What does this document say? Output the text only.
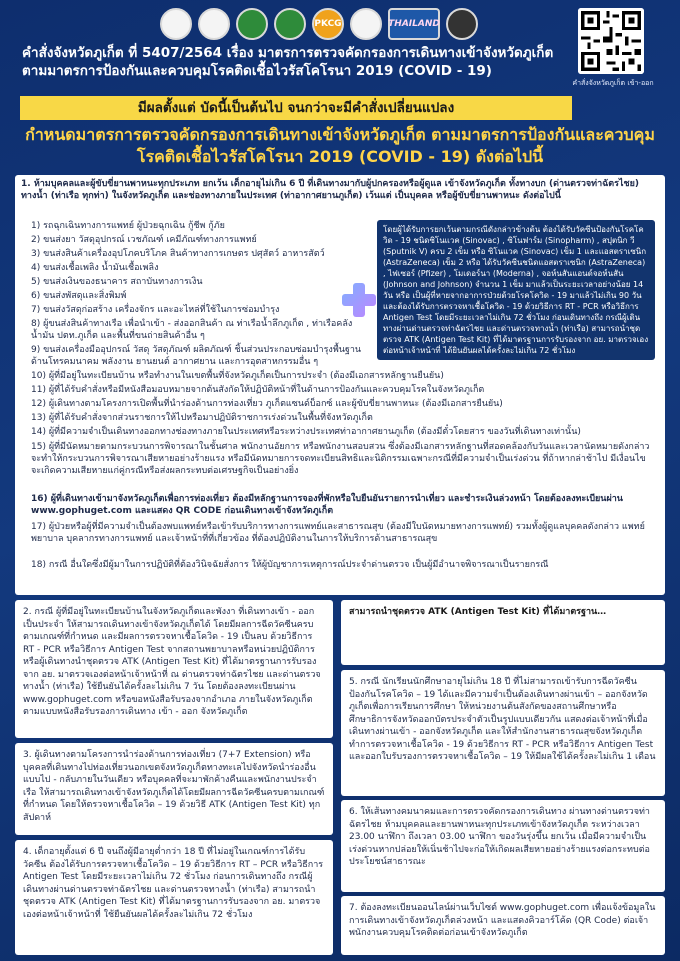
PKCG	THAILAND
คำสั่งจังหวัดภูเก็ต เข้า-ออก
คำสั่งจังหวัดภูเก็ต ที่ 5407/2564 เรื่อง มาตรการตรวจคัดกรองการเดินทางเข้าจังหวัดภูเก็ต ตามมาตรการป้องกันและควบคุมโรคติดเชื้อไวรัสโคโรนา 2019 (COVID - 19)
มีผลตั้งแต่ บัดนี้เป็นต้นไป จนกว่าจะมีคำสั่งเปลี่ยนแปลง
กำหนดมาตรการตรวจคัดกรองการเดินทางเข้าจังหวัดภูเก็ต ตามมาตรการป้องกันและควบคุมโรคติดเชื้อไวรัสโคโรนา 2019 (COVID - 19) ดังต่อไปนี้
1. ห้ามบุคคลและผู้ขับขี่ยานพาหนะทุกประเภท ยกเว้น เด็กอายุไม่เกิน 6 ปี ที่เดินทางมากับผู้ปกครองหรือผู้ดูแล เข้าจังหวัดภูเก็ต ทั้งทางบก (ด่านตรวจท่าฉัตรไชย) ทางน้ำ (ท่าเรือ ทุกท่า) ในจังหวัดภูเก็ต และช่องทางภายในประเทศ (ท่าอากาศยานภูเก็ต) เว้นแต่ เป็นบุคคล หรือผู้ขับขี่ยานพาหนะ ดังต่อไปนี้
1) รถฉุกเฉินทางการแพทย์ ผู้ป่วยฉุกเฉิน กู้ชีพ กู้ภัย
2) ขนส่งยา วัสดุอุปกรณ์ เวชภัณฑ์ เคมีภัณฑ์ทางการแพทย์
3) ขนส่งสินค้าเครื่องอุปโภคบริโภค สินค้าทางการเกษตร ปศุสัตว์ อาหารสัตว์
4) ขนส่งเชื้อเพลิง น้ำมันเชื้อเพลิง
5) ขนส่งเงินของธนาคาร สถาบันทางการเงิน
6) ขนส่งพัสดุและสิ่งพิมพ์
7) ขนส่งวัสดุก่อสร้าง เครื่องจักร และอะไหล่ที่ใช้ในการซ่อมบำรุง
8) ผู้ขนส่งสินค้าทางเรือ เพื่อนำเข้า - ส่งออกสินค้า ณ ท่าเรือน้ำลึกภูเก็ต , ท่าเรือคลังน้ำมัน ปตท.ภูเก็ต และพื้นที่ขนถ่ายสินค้าอื่น ๆ
9) ขนส่งเครื่องมืออุปกรณ์ วัสดุ วัสดุภัณฑ์ ผลิตภัณฑ์ ชิ้นส่วนประกอบซ่อมบำรุงพื้นฐานด้านโทรคมนาคม พลังงาน ยานยนต์ อากาศยาน และการอุตสาหกรรมอื่น ๆ
โดยผู้ได้รับการยกเว้นตามกรณีดังกล่าวข้างต้น ต้องได้รับวัคซีนป้องกันโรคโควิด - 19 ชนิดซิโนแวค (Sinovac) , ซิโนฟาร์ม (Sinopharm) , สปุตนิก วี (Sputnik V) ครบ 2 เข็ม หรือ ซิโนแวค (Sinovac) เข็ม 1 และแอสตราเซนิก (AstraZeneca) เข็ม 2 หรือ ได้รับวัคซีนชนิดแอสตราเซนิก (AstraZeneca) , ไฟเซอร์ (Pfizer) , โมเดอร์นา (Moderna) , จอห์นสันแอนด์จอห์นสัน (Johnson and Johnson) จำนวน 1 เข็ม มาแล้วเป็นระยะเวลาอย่างน้อย 14 วัน หรือ เป็นผู้ที่หายจากอาการป่วยด้วยโรคโควิด - 19 มาแล้วไม่เกิน 90 วัน และต้องได้รับการตรวจหาเชื้อโควิด - 19 ด้วยวิธีการ RT - PCR หรือวิธีการ Antigen Test โดยมีระยะเวลาไม่เกิน 72 ชั่วโมง ก่อนเดินทางถึง กรณีผู้เดินทางผ่านด่านตรวจท่าฉัตรไชย และด่านตรวจทางน้ำ (ท่าเรือ) สามารถนำชุดตรวจ ATK (Antigen Test Kit) ที่ได้มาตรฐานการรับรองจาก อย. มาตรวจเองต่อหน้าเจ้าหน้าที่ ได้ยินยันผลได้ครั้งละไม่เกิน 72 ชั่วโมง
10) ผู้ที่มีอยู่ในทะเบียนบ้าน หรือทำงานในเขตพื้นที่จังหวัดภูเก็ตเป็นการประจำ (ต้องมีเอกสารหลักฐานยืนยัน)
11) ผู้ที่ได้รับคำสั่งหรือมีหนังสือมอบหมายจากต้นสังกัดให้ปฏิบัติหน้าที่ในด้านการป้องกันและควบคุมโรคในจังหวัดภูเก็ต
12) ผู้เดินทางตามโครงการเปิดพื้นที่นำร่องด้านการท่องเที่ยว ภูเก็ตแซนด์บ็อกซ์ และผู้ขับขี่ยานพาหนะ (ต้องมีเอกสารยืนยัน)
13) ผู้ที่ได้รับคำสั่งจากส่วนราชการให้ไปหรือมาปฏิบัติราชการเร่งด่วนในพื้นที่จังหวัดภูเก็ต
14) ผู้ที่มีความจำเป็นเดินทางออกทางช่องทางภายในประเทศหรือระหว่างประเทศท่าอากาศยานภูเก็ต (ต้องมีตั๋วโดยสาร ของวันที่เดินทางเท่านั้น)
15) ผู้ที่มีนัดหมายตามกระบวนการพิจารณาในชั้นศาล พนักงานอัยการ หรือพนักงานสอบสวน ซึ่งต้องมีเอกสารหลักฐานที่สอดคล้องกับวันและเวลานัดหมายดังกล่าวจะทำให้กระบวนการพิจารณาเสียหายอย่างร้ายแรง หรือมีนัดหมายการจดทะเบียนสิทธิและนิติกรรมเฉพาะกรณีที่มีความจำเป็นเร่งด่วน ที่ถ้าหากล่าช้าไป มีเงื่อนไขจะเกิดความเสียหายแก่คู่กรณีหรือส่งผลกระทบต่อเศรษฐกิจเป็นอย่างยิ่ง
16) ผู้ที่เดินทางเข้ามาจังหวัดภูเก็ตเพื่อการท่องเที่ยว ต้องมีหลักฐานการจองที่พักหรือใบยืนยันรายการนำเที่ยว และชำระเงินล่วงหน้า โดยต้องลงทะเบียนผ่าน www.gophuget.com และแสดง QR CODE ก่อนเดินทางเข้าจังหวัดภูเก็ต
17) ผู้ป่วยหรือผู้ที่มีความจำเป็นต้องพบแพทย์หรือเข้ารับบริการทางการแพทย์และสาธารณสุข (ต้องมีใบนัดหมายทางการแพทย์) รวมทั้งผู้ดูแลบุคคลดังกล่าว แพทย์ พยาบาล บุคลากรทางการแพทย์ และเจ้าหน้าที่ที่เกี่ยวข้อง ที่ต้องปฏิบัติงานในการให้บริการด้านสาธารณสุข
18) กรณี อื่นใดซึ่งมีผู้มาในการปฏิบัติที่ต้องวินิจฉัยสั่งการ ให้ผู้บัญชาการเหตุการณ์ประจำด่านตรวจ เป็นผู้มีอำนาจพิจารณาเป็นรายกรณี
2. กรณี ผู้ที่มีอยู่ในทะเบียนบ้านในจังหวัดภูเก็ตและพังงา ที่เดินทางเข้า - ออก เป็นประจำ ให้สามารถเดินทางเข้าจังหวัดภูเก็ตได้ โดยมีผลการฉีดวัคซีนครบตามเกณฑ์ที่กำหนด และมีผลการตรวจหาเชื้อโควิด - 19 เป็นลบ ด้วยวิธีการ RT - PCR หรือวิธีการ Antigen Test จากสถานพยาบาลหรือหน่วยปฏิบัติการ หรือผู้เดินทางนำชุดตรวจ ATK (Antigen Test Kit) ที่ได้มาตรฐานการรับรองจาก อย. มาตรวจเองต่อหน้าเจ้าหน้าที่ ณ ด่านตรวจท่าฉัตรไชย และด่านตรวจทางน้ำ (ท่าเรือ) ใช้ยืนยันได้ครั้งละไม่เกิน 7 วัน โดยต้องลงทะเบียนผ่าน www.gophuget.com หรือขอหนังสือรับรองจากอำเภอ ภายในจังหวัดภูเก็ต ตามแบบหนังสือรับรองการเดินทาง เข้า - ออก จังหวัดภูเก็ต
3. ผู้เดินทางตามโครงการนำร่องด้านการท่องเที่ยว (7+7 Extension) หรือบุคคลที่เดินทางไปท่องเที่ยวนอกเขตจังหวัดภูเก็ตทางทะเลไปจังหวัดนำร่องอื่น แบบไป - กลับภายในวันเดียว หรือบุคคลที่จะมาพักค้างคืนและพนักงานประจำเรือ ให้สามารถเดินทางเข้าจังหวัดภูเก็ตได้โดยมีผลการฉีดวัคซีนครบตามเกณฑ์ที่กำหนด โดยให้ตรวจหาเชื้อโควิด – 19 ด้วยวิธี ATK (Antigen Test Kit) ทุกสัปดาห์
4. เด็กอายุตั้งแต่ 6 ปี จนถึงผู้มีอายุต่ำกว่า 18 ปี ที่ไม่อยู่ในเกณฑ์การได้รับวัคซีน ต้องได้รับการตรวจหาเชื้อโควิด – 19 ด้วยวิธีการ RT – PCR หรือวิธีการ Antigen Test โดยมีระยะเวลาไม่เกิน 72 ชั่วโมง ก่อนการเดินทางถึง กรณีผู้เดินทางผ่านด่านตรวจท่าฉัตรไชย และด่านตรวจทางน้ำ (ท่าเรือ) สามารถนำชุดตรวจ ATK (Antigen Test Kit) ที่ได้มาตรฐานการรับรองจาก อย. มาตรวจเองต่อหน้าเจ้าหน้าที่ ใช้ยืนยันผลได้ครั้งละไม่เกิน 72 ชั่วโมง
สามารถนำชุดตรวจ ATK (Antigen Test Kit) ที่ได้มาตรฐาน…
5. กรณี นักเรียนนักศึกษาอายุไม่เกิน 18 ปี ที่ไม่สามารถเข้ารับการฉีดวัคซีนป้องกันโรคโควิด – 19 ได้และมีความจำเป็นต้องเดินทางผ่านเข้า – ออกจังหวัดภูเก็ตเพื่อการเรียนการศึกษา ให้หน่วยงานต้นสังกัดของสถานศึกษาหรือศึกษาธิการจังหวัดออกบัตรประจำตัวเป็นรูปแบบเดียวกัน แสดงต่อเจ้าหน้าที่เมื่อเดินทางผ่านเข้า - ออกจังหวัดภูเก็ต และให้สำนักงานสาธารณสุขจังหวัดภูเก็ตทำการตรวจหาเชื้อโควิด - 19 ด้วยวิธีการ RT - PCR หรือวิธีการ Antigen Test และออกใบรับรองการตรวจหาเชื้อโควิด – 19 ให้มีผลใช้ได้ครั้งละไม่เกิน 1 เดือน
6. ให้เส้นทางคมนาคมและการตรวจคัดกรองการเดินทาง ผ่านทางด่านตรวจท่าฉัตรไชย ห้ามบุคคลและยานพาหนะทุกประเภทเข้าจังหวัดภูเก็ต ระหว่างเวลา 23.00 นาฬิกา ถึงเวลา 03.00 นาฬิกา ของวันรุ่งขึ้น ยกเว้น เมื่อมีความจำเป็นเร่งด่วนหากปล่อยให้เนิ่นช้าไปจะก่อให้เกิดผลเสียหายอย่างร้ายแรงต่อกระทบต่อประโยชน์สาธารณะ
7. ต้องลงทะเบียนออนไลน์ผ่านเว็บไซต์ www.gophuget.com เพื่อแจ้งข้อมูลในการเดินทางเข้าจังหวัดภูเก็ตล่วงหน้า และแสดงคิวอาร์โค้ด (QR Code) ต่อเจ้าพนักงานควบคุมโรคติดต่อก่อนเข้าจังหวัดภูเก็ต
